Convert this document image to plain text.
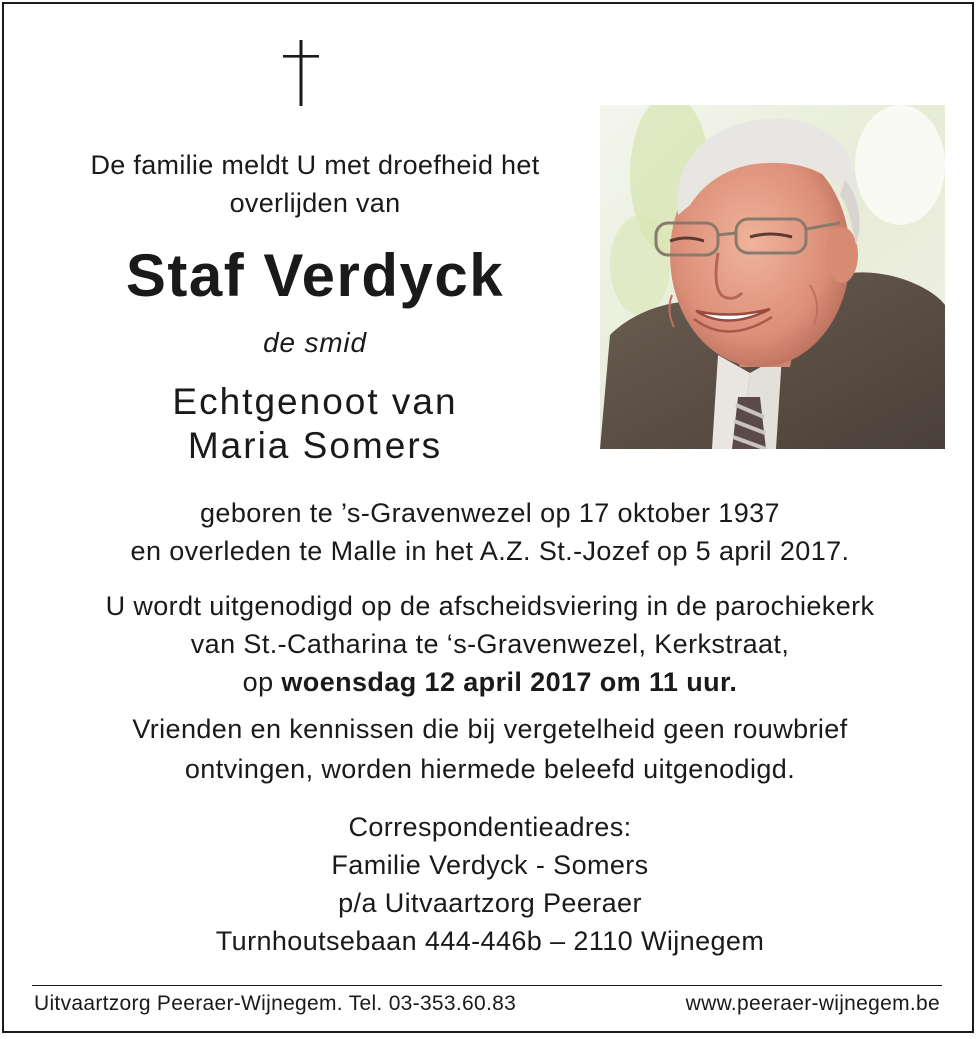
De familie meldt U met droefheid het
overlijden van
Staf Verdyck
de smid
Echtgenoot van
Maria Somers
geboren te ’s-Gravenwezel op 17 oktober 1937
en overleden te Malle in het A.Z. St.-Jozef op 5 april 2017.
U wordt uitgenodigd op de afscheidsviering in de parochiekerk
van St.-Catharina te ‘s-Gravenwezel, Kerkstraat,
op woensdag 12 april 2017 om 11 uur.
Vrienden en kennissen die bij vergetelheid geen rouwbrief
ontvingen, worden hiermede beleefd uitgenodigd.
Correspondentieadres:
Familie Verdyck - Somers
p/a Uitvaartzorg Peeraer
Turnhoutsebaan 444-446b – 2110 Wijnegem
Uitvaartzorg Peeraer-Wijnegem. Tel. 03-353.60.83	www.peeraer-wijnegem.be
